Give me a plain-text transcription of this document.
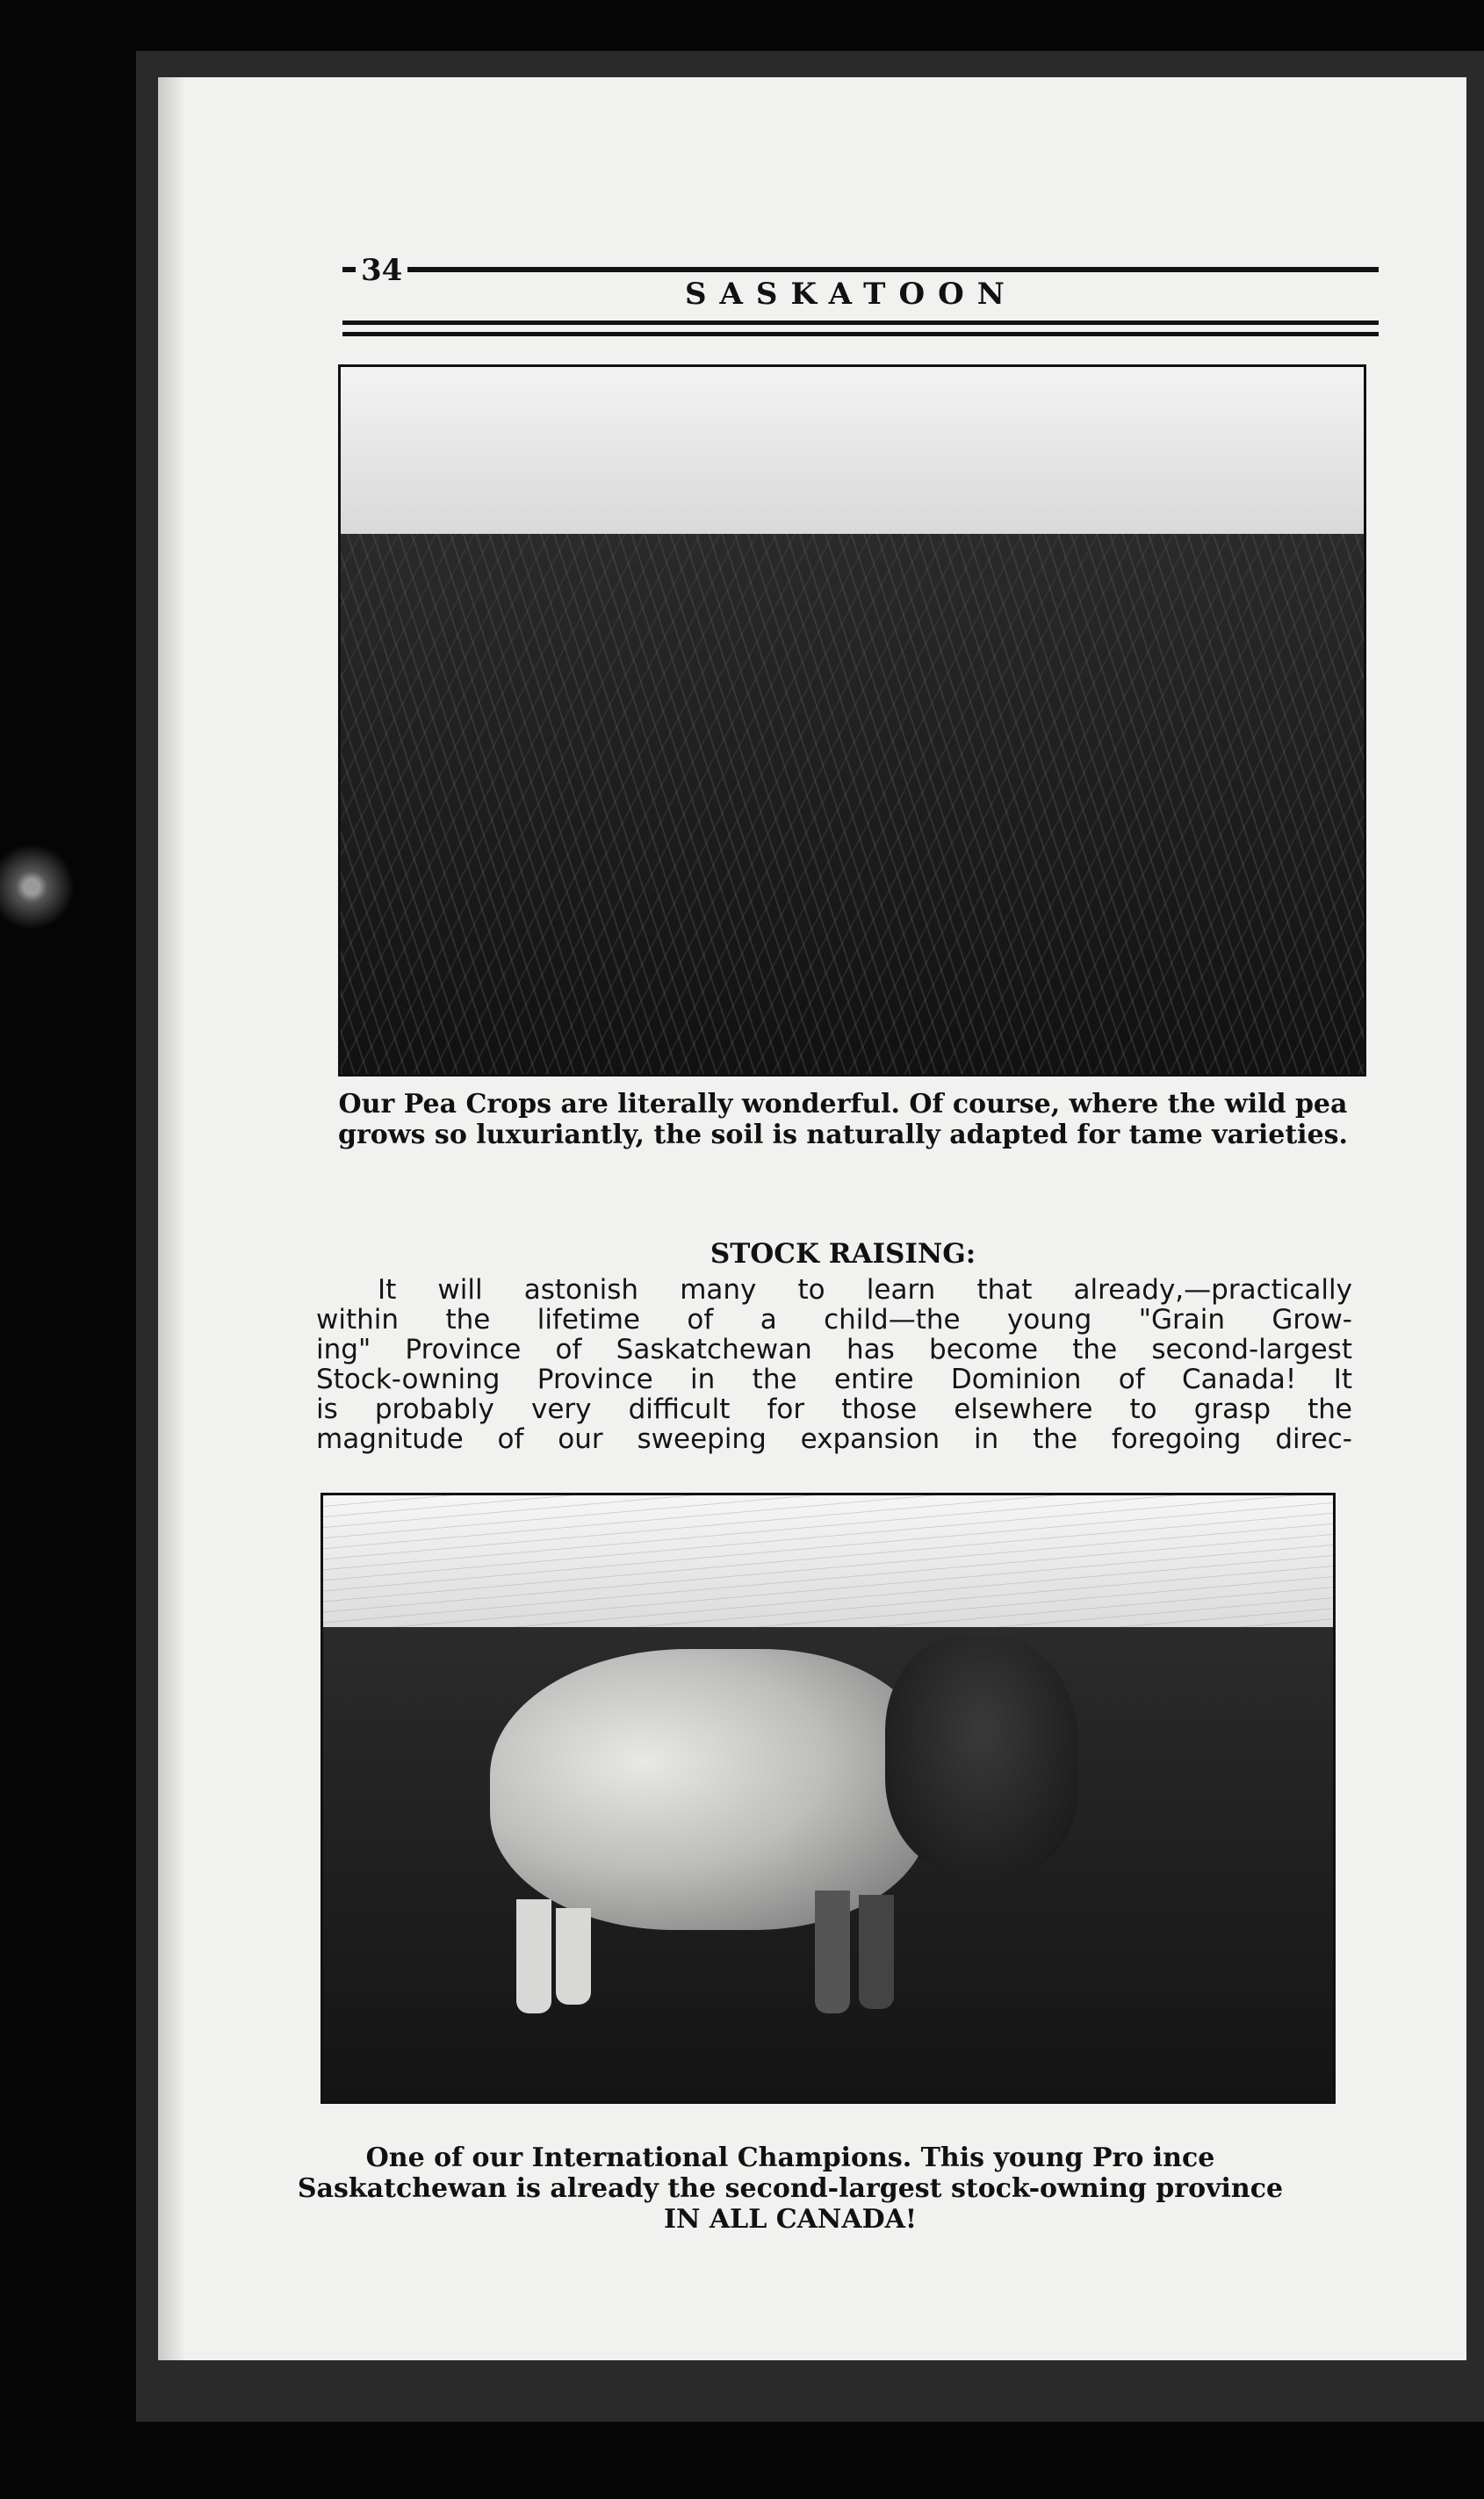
34
SASKATOON
Our Pea Crops are literally wonderful. Of course, where the wild pea grows so luxuriantly, the soil is naturally adapted for tame varieties.
STOCK RAISING:

It will astonish many to learn that already,—practically

within the lifetime of a child—the young "Grain Grow-

ing" Province of Saskatchewan has become the second-largest

Stock-owning Province in the entire Dominion of Canada! It

is probably very difficult for those elsewhere to grasp the

magnitude of our sweeping expansion in the foregoing direc-

One of our International Champions. This young Pro ince Saskatchewan is already the second-largest stock-owning province IN ALL CANADA!
